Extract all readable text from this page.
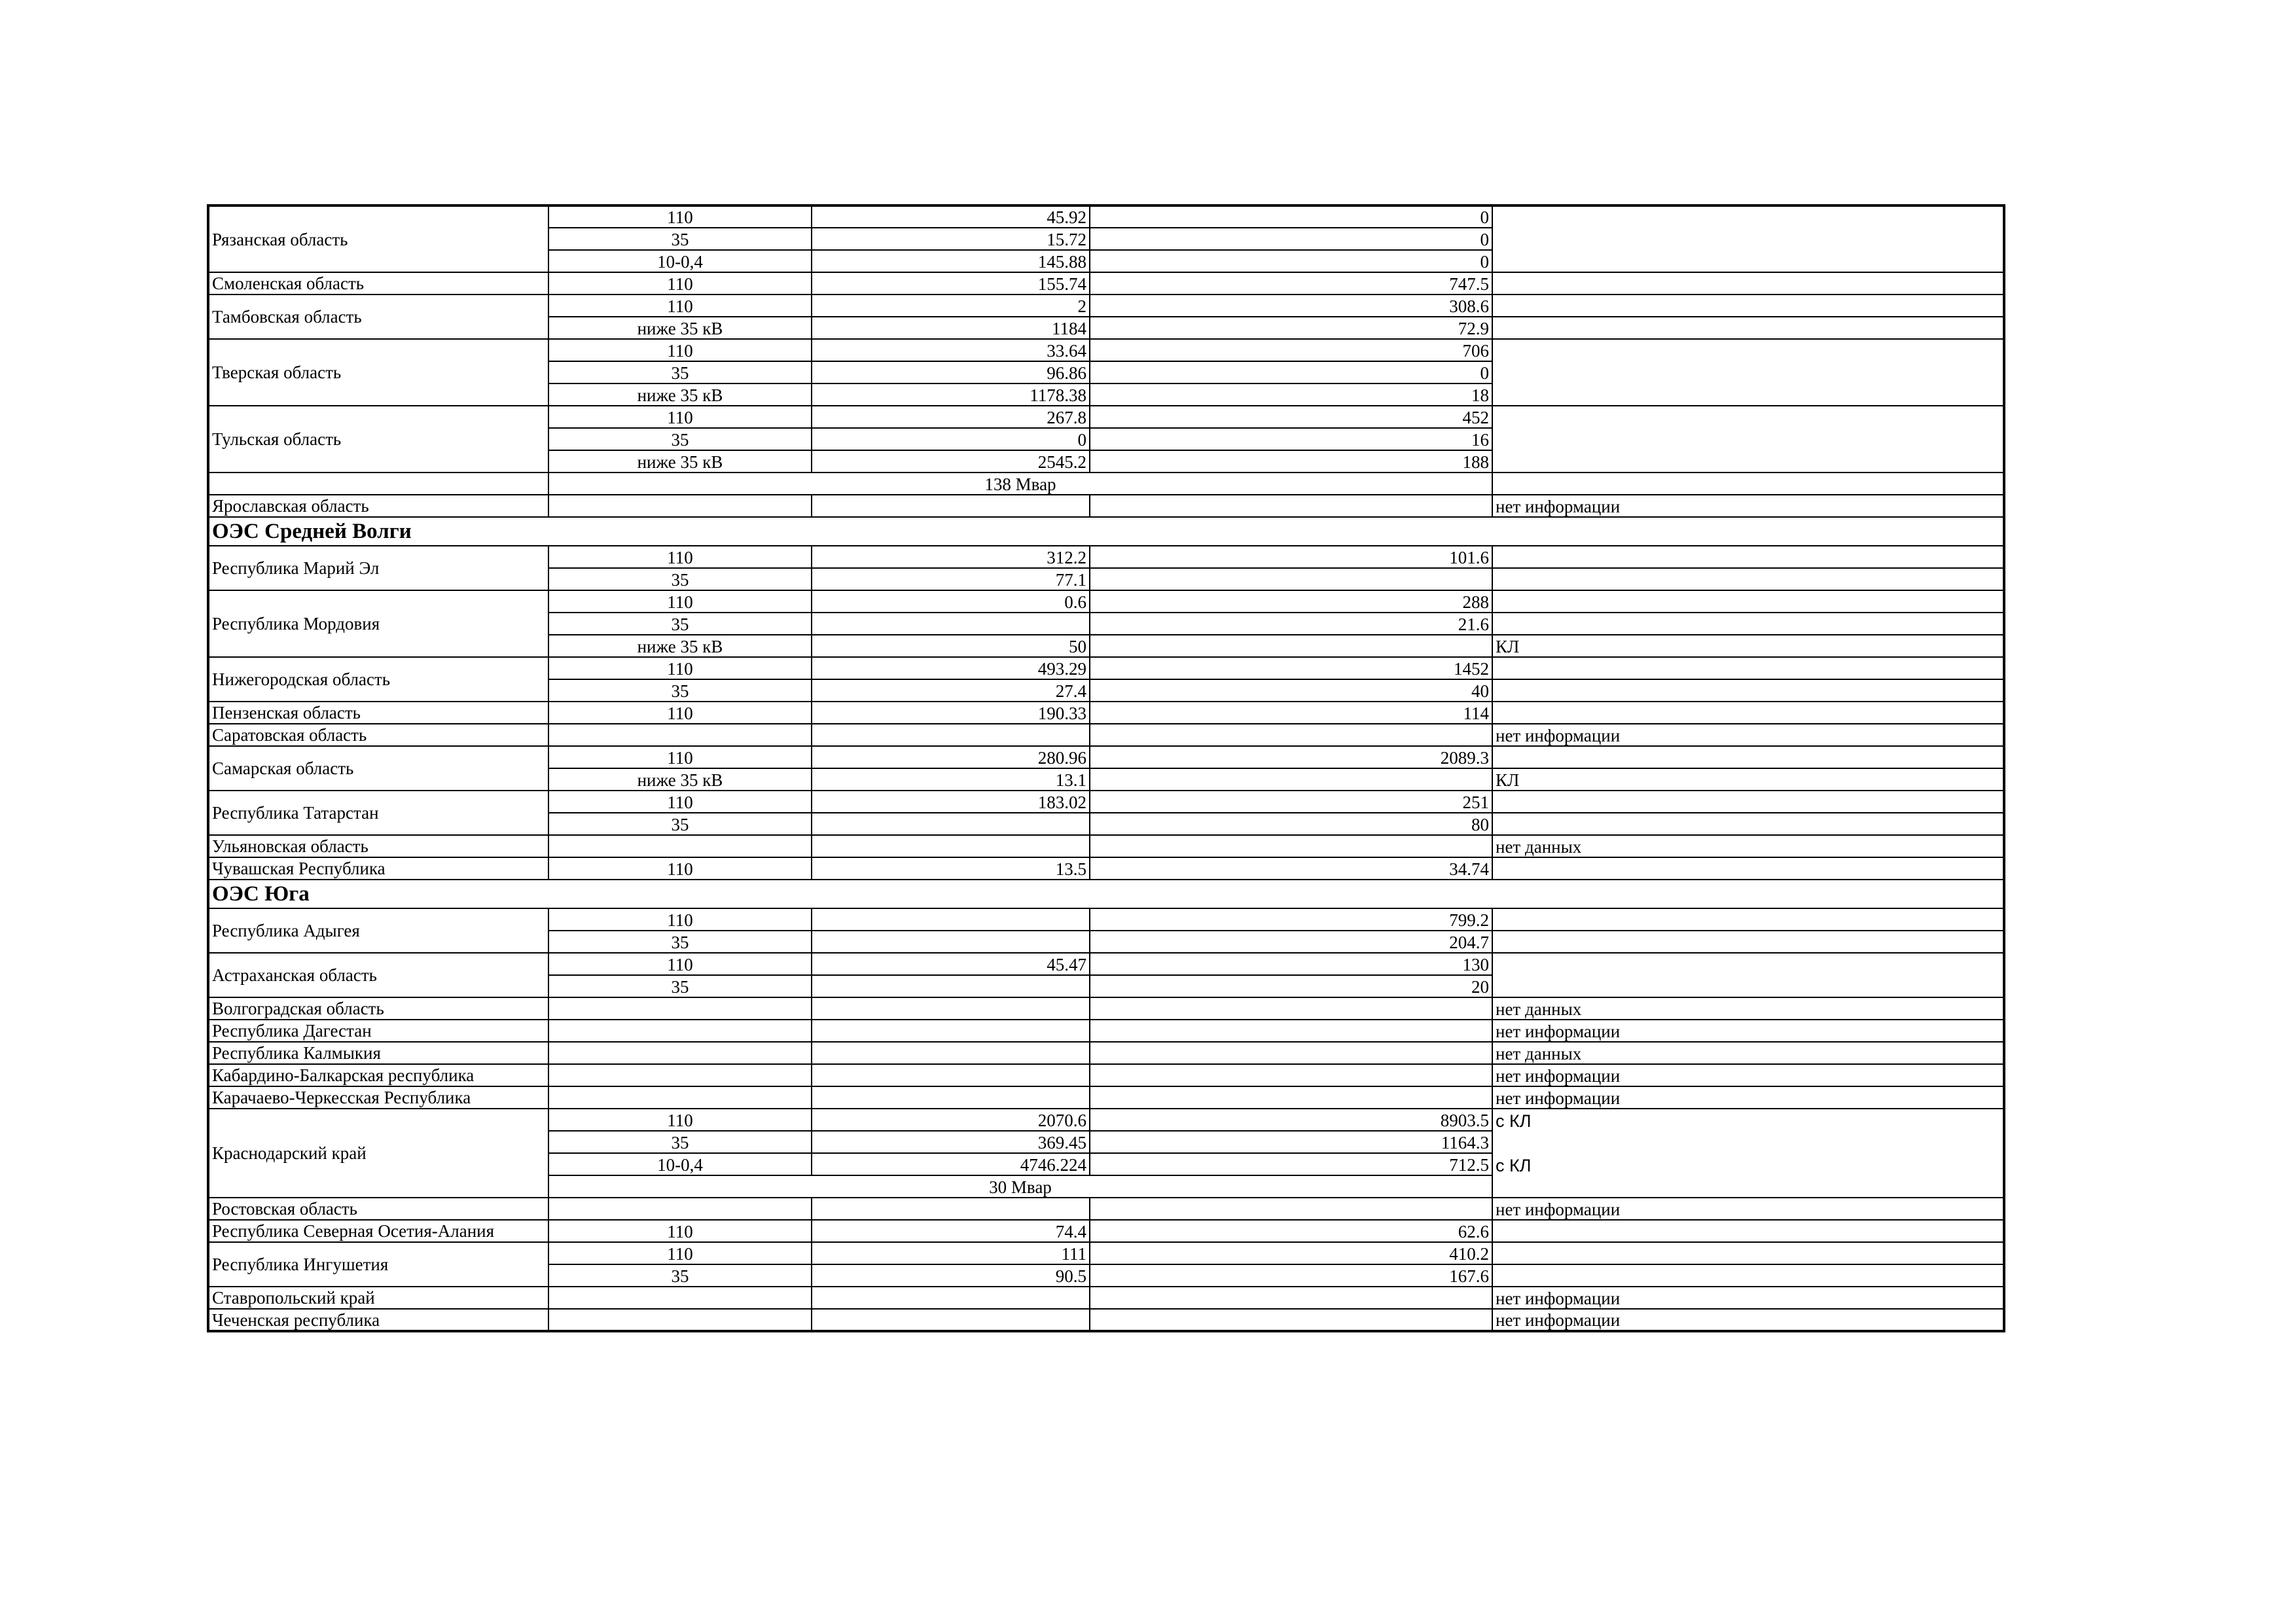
Рязанская область	110	45.92	0	
	35	15.72	0	
	10-0,4	145.88	0	
Смоленская область	110	155.74	747.5	
Тамбовская область	110	2	308.6	
	ниже 35 кВ	1184	72.9	
Тверская область	110	33.64	706	
	35	96.86	0	
	ниже 35 кВ	1178.38	18	
Тульская область	110	267.8	452	
	35	0	16	
	ниже 35 кВ	2545.2	188	
	138 Мвар			
Ярославская область				нет информации
ОЭС Средней Волги				
Республика Марий Эл	110	312.2	101.6	
	35	77.1		
Республика Мордовия	110	0.6	288	
	35		21.6	
	ниже 35 кВ	50		КЛ
Нижегородская область	110	493.29	1452	
	35	27.4	40	
Пензенская область	110	190.33	114	
Саратовская область				нет информации
Самарская область	110	280.96	2089.3	
	ниже 35 кВ	13.1		КЛ
Республика Татарстан	110	183.02	251	
	35		80	
Ульяновская область				нет данных
Чувашская Республика	110	13.5	34.74	
ОЭС Юга				
Республика Адыгея	110		799.2	
	35		204.7	
Астраханская область	110	45.47	130	
	35		20	
Волгоградская область				нет данных
Республика Дагестан				нет информации
Республика Калмыкия				нет данных
Кабардино-Балкарская республика				нет информации
Карачаево-Черкесская Республика				нет информации
Краснодарский край	110	2070.6	8903.5	с КЛ
	35	369.45	1164.3	
	10-0,4	4746.224	712.5	с КЛ
	30 Мвар			
Ростовская область				нет информации
Республика Северная Осетия-Алания	110	74.4	62.6	
Республика Ингушетия	110	111	410.2	
	35	90.5	167.6	
Ставропольский край				нет информации
Чеченская республика				нет информации
